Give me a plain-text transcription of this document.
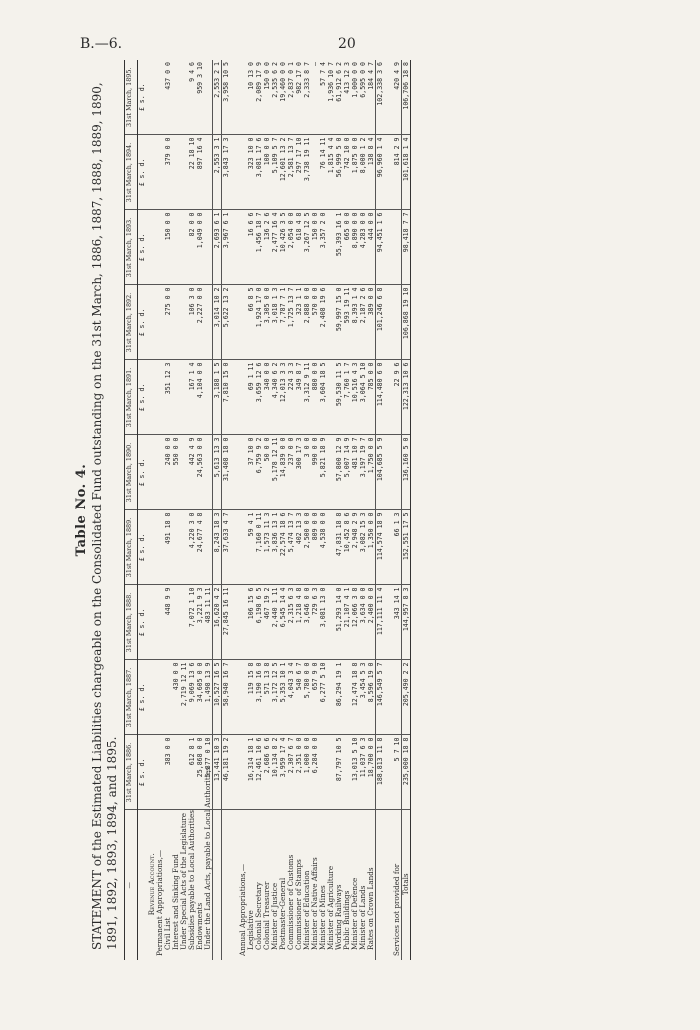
B.—6.	20
Table No. 4. STATEMENT of the Estimated Liabilities chargeable on the Consolidated Fund outstanding on the 31st March, 1886, 1887, 1888, 1889, 1890, 1891, 1892, 1893, 1894, and 1895. —	31st March, 1886.	31st March, 1887.	31st March, 1888.	31st March, 1889.	31st March, 1890.	31st March, 1891.	31st March, 1892.	31st March, 1893.	31st March, 1894.	31st March, 1895.
	£ s. d.	£ s. d.	£ s. d.	£ s. d.	£ s. d.	£ s. d.	£ s. d.	£ s. d.	£ s. d.	£ s. d.
Revenue Account.										
Permanent Appropriations,—										
Civil List	383 0 0		448 9 9	491 18 8	240 0 0	351 12 3	275 0 0	150 0 0	379 0 0	437 0 0
Interest and Sinking Fund		430 0 0			550 0 0					
Under Special Acts of the Legislature		2,719 12 11								
Subsidies payable to Local Authorities	612 8 1	9,069 13 6	7,072 1 10	4,220 3 0	442 4 9	167 1 4	106 3 0	82 0 0	22 18 10	9 4 6
Endowments	25,868 0 0	34,605 0 0	3,221 9 3	24,677 4 8	24,563 0 0	4,104 0 0	2,227 0 0	1,049 0 0	897 16 4	959 3 10
Under the Land Acts, payable to Local Authorities	5,877 0 10	1,498 13 9	483 11 11							
	13,441 10 3	10,527 16 5	16,620 4 2	8,243 18 3	5,613 13 3	3,188 1 5	3,014 10 2	2,693 6 1	2,553 3 1	2,553 2 1
	46,181 19 2	58,940 16 7	27,845 16 11	37,633 4 7	31,408 18 0	7,810 15 0	5,622 13 2	3,967 6 1	3,843 17 3	3,958 10 5

Annual Appropriations,—										
Legislative	16,314 18 1	119 15 8	106 15 6	59 4 1	37 10 0	69 1 11	66 8 5	16 6 6	323 10 0	10 13 0
Colonial Secretary	12,461 10 6	3,190 16 0	6,198 6 5	7,160 0 11	6,759 9 2	3,659 12 6	1,924 17 0	1,456 18 7	3,081 17 6	2,089 17 9
Colonial Treasurer	2,686 6 6	571 13 8	467 19 2	1,573 11 3	50 0 0	340 0 0	3,305 0 0	136 2 6	100 0 0	150 0 0
Minister of Justice	10,134 8 2	3,172 12 5	2,440 1 11	3,836 13 1	5,178 12 11	4,340 6 2	3,018 1 3	2,477 16 4	5,109 5 7	2,535 6 2
Postmaster-General	3,959 17 4	5,353 10 1	6,545 14 4	22,574 18 6	14,839 0 0	12,013 3 3	7,787 7 1	10,426 3 5	12,601 13 2	19,460 0 0
Commissioner of Customs	2,307 6 7	4,043 3 4	2,315 6 3	5,474 13 7	237 0 0	224 3 3	1,725 13 7	2,054 0 0	2,581 13 7	2,837 0 1
Commissioner of Stamps	2,351 0 0	540 6 7	1,218 4 8	402 13 3	300 17 3	349 8 7	323 1 1	618 4 8	297 17 10	982 17 0
Minister of Education	1,000 0 0	5,780 0 0	3,646 0 0	2,500 0 0	3 0 0	3,312 9 11	2,888 0 0	3,267 12 5	3,738 19 11	2,333 8 7
Minister of Native Affairs	6,284 0 0	657 9 0	729 6 3	809 0 0	990 0 0	880 0 0	570 0 0	150 0 0		—
Minister of Mines		6,277 5 10	3,081 13 0	4,538 0 0	5,821 18 9	3,604 18 5	2,408 19 6	3,357 2 0	76 14 11	57 7 4
Minister of Agriculture									1,815 4 4	1,936 10 7
Working Railways	87,797 10 5	86,294 19 1	51,293 14 0	47,831 18 8	57,800 12 9	59,530 11 5	59,997 15 0	55,393 16 1	56,999 5 0	61,912 6 2
Public Buildings			21,107 4 1	10,452 8 6	5,007 14 9	7,760 1 7	593 19 11	665 0 0	742 10 0	413 12 3
Minister of Defence	13,013 5 10	12,474 18 8	12,066 3 8	2,948 2 9	481 10 7	10,516 4 3	8,393 1 4	8,890 0 0	1,875 0 0	1,000 0 0
Minister of Lands	11,037 6 3	3,454 5 3	3,634 0 0	3,082 15 3	3,197 19 7	3,064 5 10	2,187 2 6	4,283 0 0	8,000 1 2	6,595 0 0
Rates on Crown Lands	18,700 0 0	8,596 19 0	2,400 0 0	1,350 0 0	1,750 0 0	785 0 0	389 0 0	444 0 0	138 8 4	184 4 7
	188,813 11 8	146,549 5 7	117,111 11 4	114,574 18 9	104,685 5 9	114,480 6 0	101,246 6 8	94,451 1 6	96,960 1 4	102,338 3 6

Services not provided for	5 7 10		343 14 1	66 1 3		22 9 6			814 2 9	420 4 9
Totals	235,000 18 8	205,490 2 2	144,957 8 3	152,551 17 5	136,160 5 0	122,313 10 6	106,868 19 10	98,418 7 7	101,618 1 4	106,706 18 8
